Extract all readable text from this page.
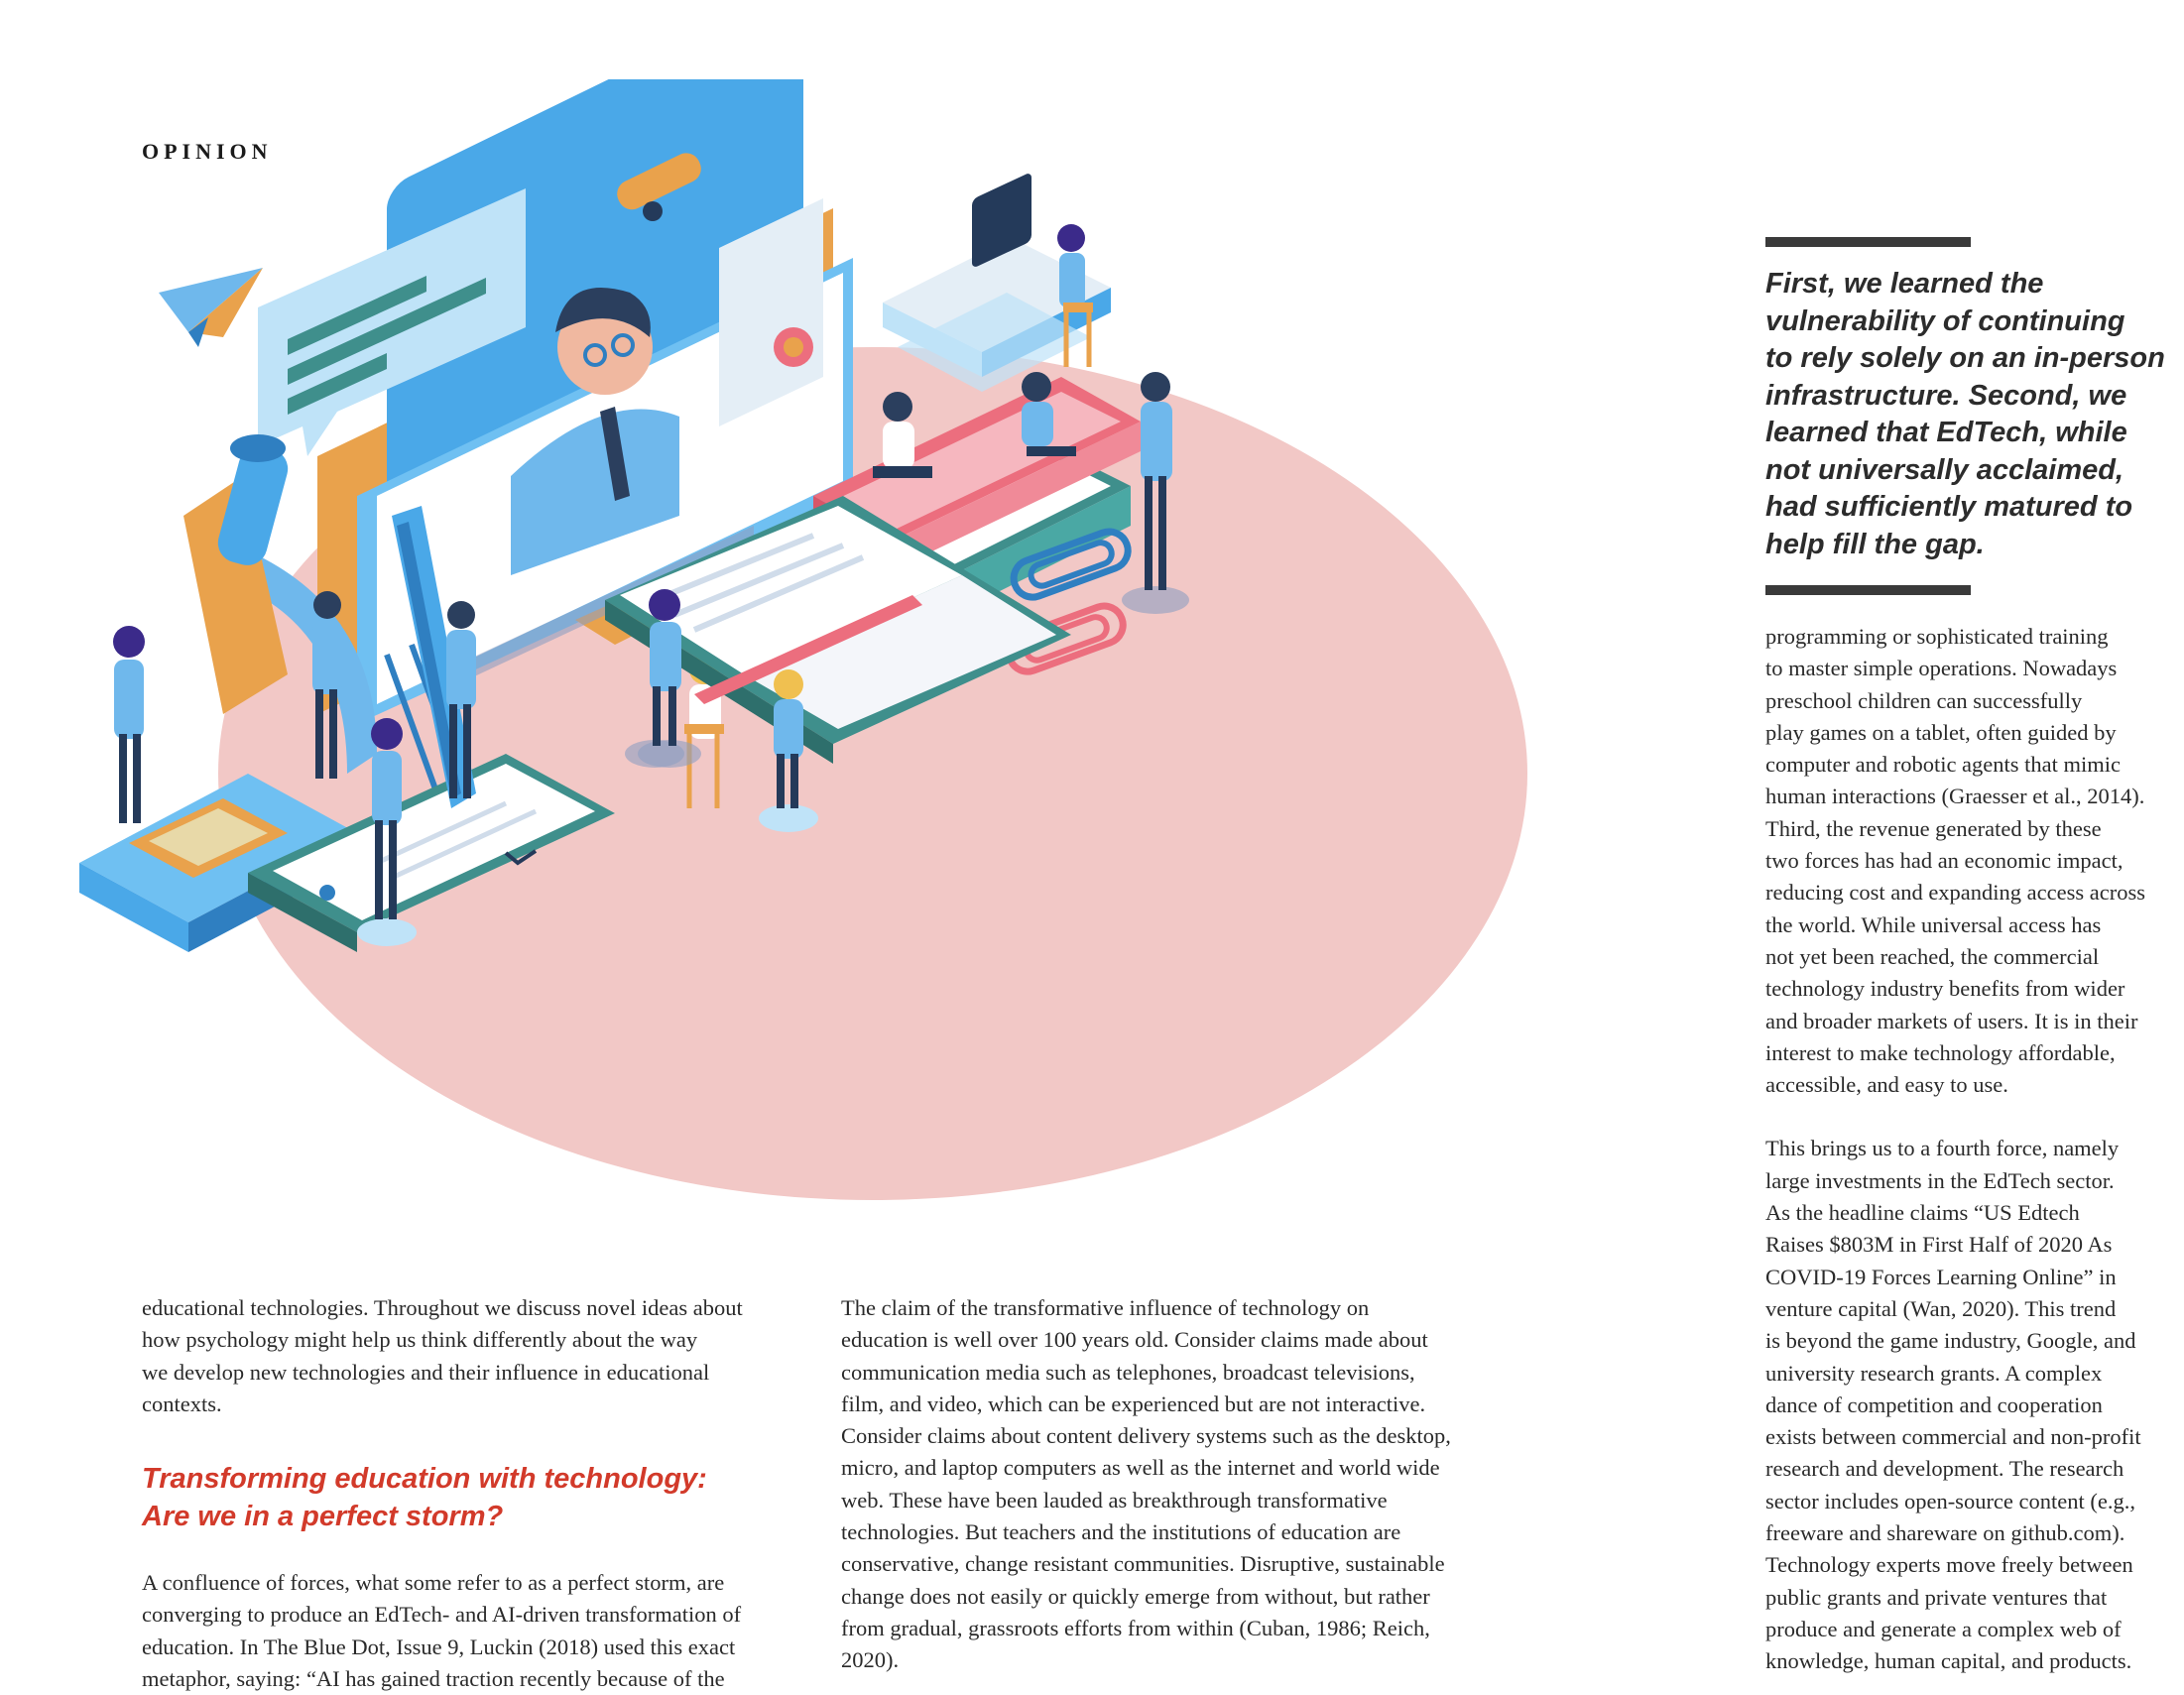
OPINION

educational technologies. Throughout we discuss novel ideas about
how psychology might help us think differently about the way
we develop new technologies and their influence in educational
contexts.

Transforming education with technology:
Are we in a perfect storm?

A confluence of forces, what some refer to as a perfect storm, are
converging to produce an EdTech- and AI-driven transformation of
education. In The Blue Dot, Issue 9, Luckin (2018) used this exact
metaphor, saying: “AI has gained traction recently because of the

The claim of the transformative influence of technology on
education is well over 100 years old. Consider claims made about
communication media such as telephones, broadcast televisions,
film, and video, which can be experienced but are not interactive.
Consider claims about content delivery systems such as the desktop,
micro, and laptop computers as well as the internet and world wide
web. These have been lauded as breakthrough transformative
technologies. But teachers and the institutions of education are
conservative, change resistant communities. Disruptive, sustainable
change does not easily or quickly emerge from without, but rather
from gradual, grassroots efforts from within (Cuban, 1986; Reich,
2020).

First, we learned the
vulnerability of continuing
to rely solely on an in-person
infrastructure. Second, we
learned that EdTech, while
not universally acclaimed,
had sufficiently matured to
help fill the gap.

programming or sophisticated training
to master simple operations. Nowadays
preschool children can successfully
play games on a tablet, often guided by
computer and robotic agents that mimic
human interactions (Graesser et al., 2014).
Third, the revenue generated by these
two forces has had an economic impact,
reducing cost and expanding access across
the world. While universal access has
not yet been reached, the commercial
technology industry benefits from wider
and broader markets of users. It is in their
interest to make technology affordable,
accessible, and easy to use.

This brings us to a fourth force, namely
large investments in the EdTech sector.
As the headline claims “US Edtech
Raises $803M in First Half of 2020 As
COVID-19 Forces Learning Online” in
venture capital (Wan, 2020). This trend
is beyond the game industry, Google, and
university research grants. A complex
dance of competition and cooperation
exists between commercial and non-profit
research and development. The research
sector includes open-source content (e.g.,
freeware and shareware on github.com).
Technology experts move freely between
public grants and private ventures that
produce and generate a complex web of
knowledge, human capital, and products.
